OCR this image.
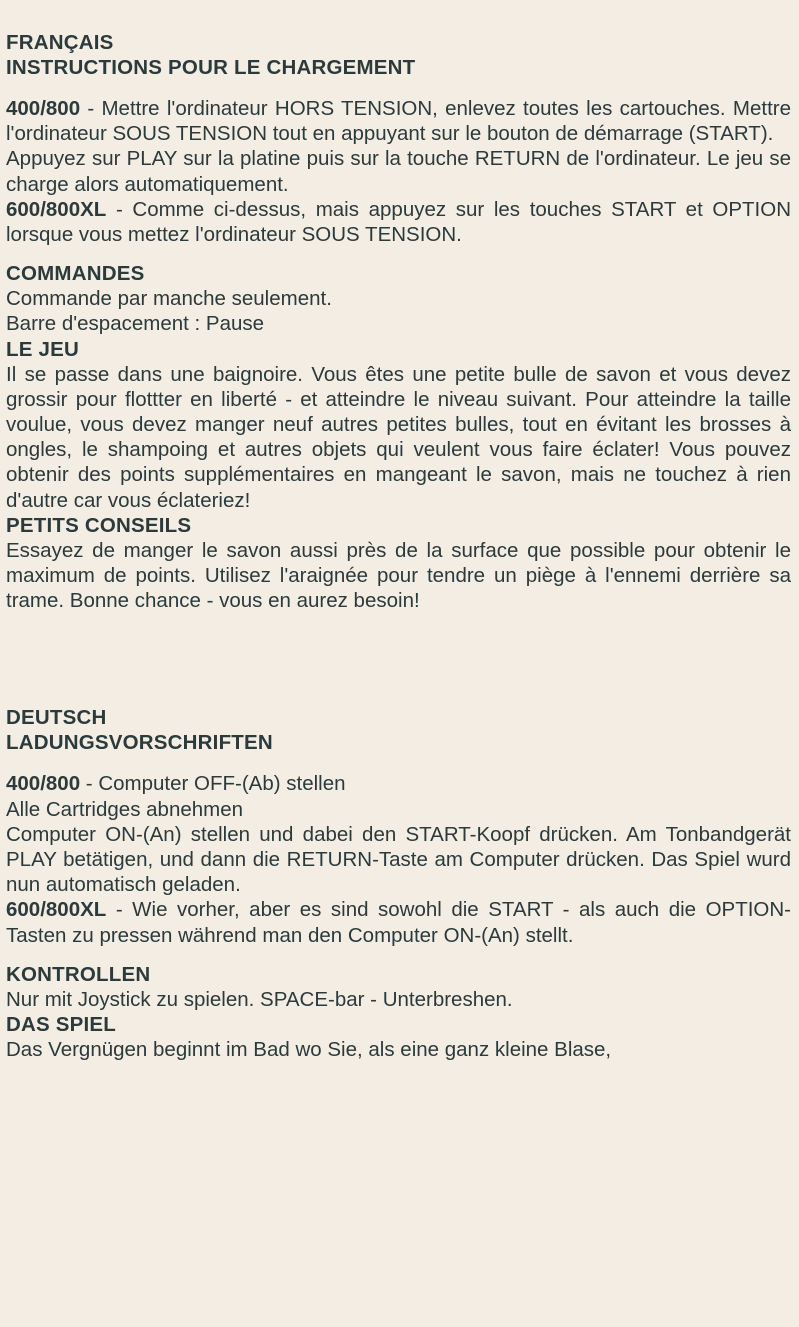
FRANÇAIS
INSTRUCTIONS POUR LE CHARGEMENT
400/800 - Mettre l'ordinateur HORS TENSION, enlevez toutes les cartouches. Mettre l'ordinateur SOUS TENSION tout en appuyant sur le bouton de démarrage (START).
Appuyez sur PLAY sur la platine puis sur la touche RETURN de l'ordinateur. Le jeu se charge alors automatiquement.
600/800XL - Comme ci-dessus, mais appuyez sur les touches START et OPTION lorsque vous mettez l'ordinateur SOUS TENSION.
COMMANDES
Commande par manche seulement.
Barre d'espacement : Pause
LE JEU
Il se passe dans une baignoire. Vous êtes une petite bulle de savon et vous devez grossir pour flottter en liberté - et atteindre le niveau suivant. Pour atteindre la taille voulue, vous devez manger neuf autres petites bulles, tout en évitant les brosses à ongles, le shampoing et autres objets qui veulent vous faire éclater! Vous pouvez obtenir des points supplémentaires en mangeant le savon, mais ne touchez à rien d'autre car vous éclateriez!
PETITS CONSEILS
Essayez de manger le savon aussi près de la surface que possible pour obtenir le maximum de points. Utilisez l'araignée pour tendre un piège à l'ennemi derrière sa trame. Bonne chance - vous en aurez besoin!
DEUTSCH
LADUNGSVORSCHRIFTEN
400/800 - Computer OFF-(Ab) stellen
Alle Cartridges abnehmen
Computer ON-(An) stellen und dabei den START-Koopf drücken. Am Tonbandgerät PLAY betätigen, und dann die RETURN-Taste am Computer drücken. Das Spiel wurd nun automatisch geladen.
600/800XL - Wie vorher, aber es sind sowohl die START - als auch die OPTION-Tasten zu pressen während man den Computer ON-(An) stellt.
KONTROLLEN
Nur mit Joystick zu spielen. SPACE-bar - Unterbreshen.
DAS SPIEL
Das Vergnügen beginnt im Bad wo Sie, als eine ganz kleine Blase,
